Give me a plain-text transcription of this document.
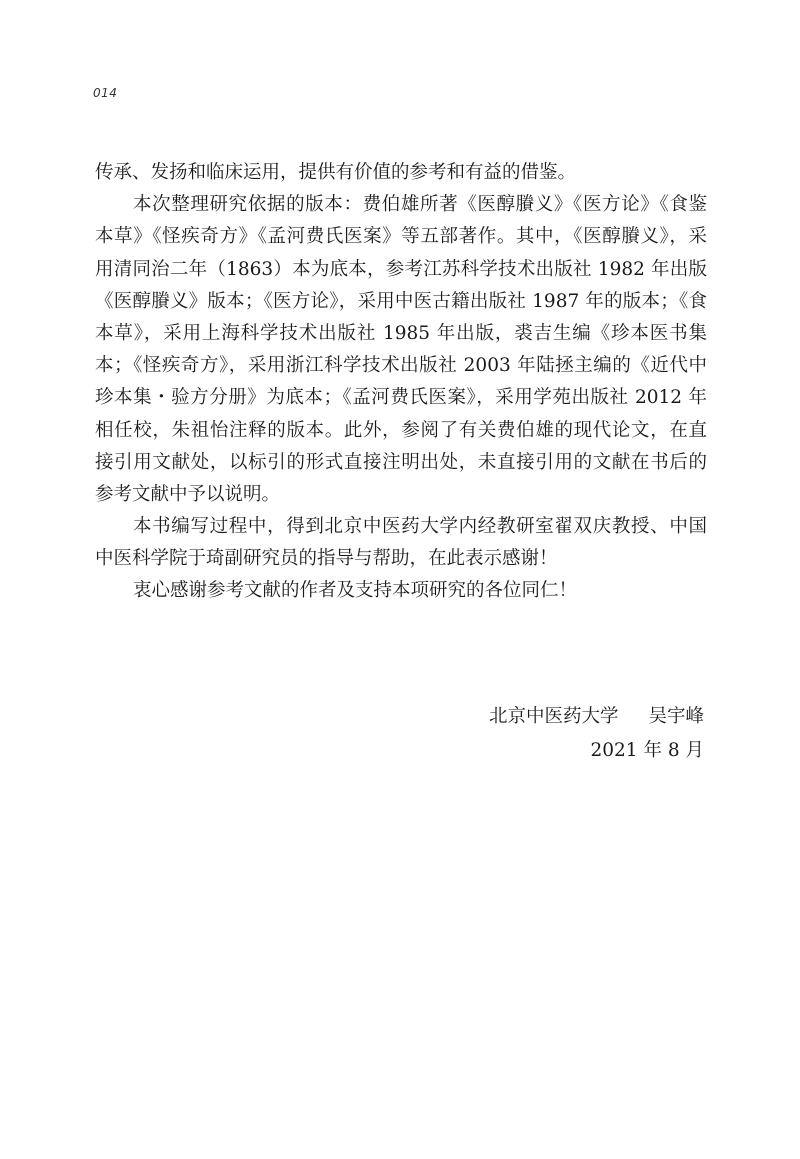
014
传承、发扬和临床运用，提供有价值的参考和有益的借鉴。
本次整理研究依据的版本：费伯雄所著《医醇賸义》《医方论》《食鉴
本草》《怪疾奇方》《孟河费氏医案》等五部著作。其中，《医醇賸义》，采
用清同治二年（1863）本为底本，参考江苏科学技术出版社 1982 年出版
《医醇賸义》版本；《医方论》，采用中医古籍出版社 1987 年的版本；《食
本草》，采用上海科学技术出版社 1985 年出版，裘吉生编《珍本医书集
本；《怪疾奇方》，采用浙江科学技术出版社 2003 年陆拯主编的《近代中
珍本集・验方分册》为底本；《孟河费氏医案》，采用学苑出版社 2012 年
相任校，朱祖怡注释的版本。此外，参阅了有关费伯雄的现代论文，在直
接引用文献处，以标引的形式直接注明出处，未直接引用的文献在书后的
参考文献中予以说明。
本书编写过程中，得到北京中医药大学内经教研室翟双庆教授、中国
中医科学院于琦副研究员的指导与帮助，在此表示感谢！
衷心感谢参考文献的作者及支持本项研究的各位同仁！
北京中医药大学 吴宇峰
2021 年 8 月
